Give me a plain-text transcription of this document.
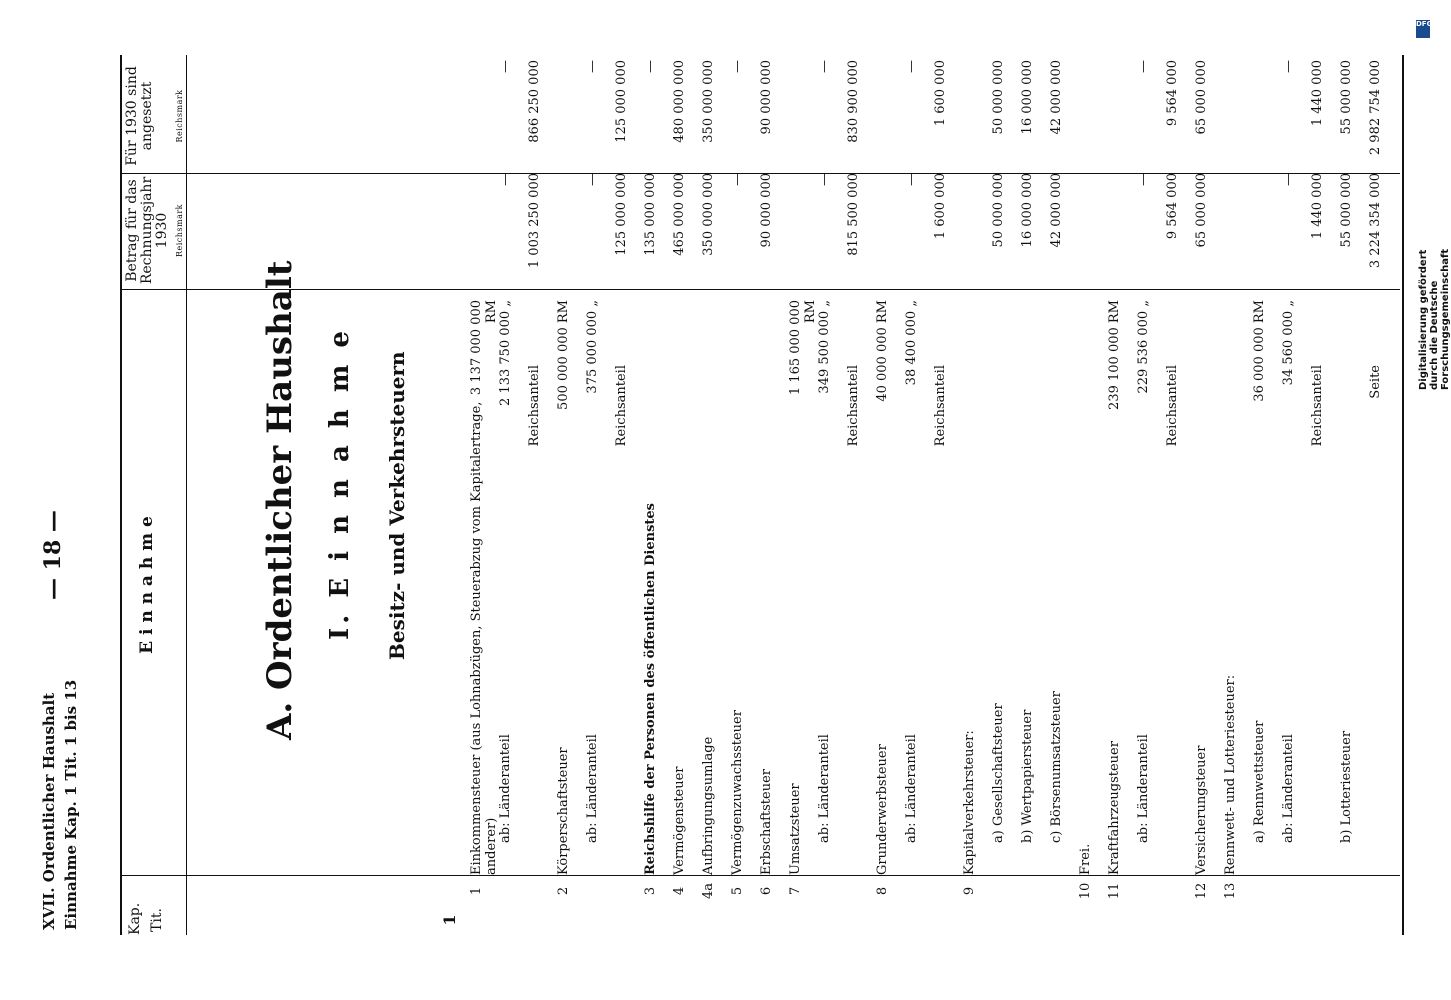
XVII. Ordentlicher Haushalt Einnahme Kap. 1 Tit. 1 bis 13
— 18 —
Kap. Tit.
E i n n a h m e
Betrag für das Rechnungsjahr 1930 Reichsmark
Für 1930 sind angesetzt	Reichsmark
A. Ordentlicher Haushalt I. E i n n a h m e Besitz- und Verkehrsteuern
1
1
Einkommensteuer (aus Lohnabzügen, Steuerabzug vom Kapitalertrage, anderer)
3 137 000 000 RM
ab: Länderanteil
2 133 750 000 „
—
—
Reichsanteil
1 003 250 000
866 250 000
2
Körperschaftsteuer
500 000 000 RM
ab: Länderanteil
375 000 000 „
—
—
Reichsanteil
125 000 000
125 000 000
3
Reichshilfe der Personen des öffentlichen Dienstes
135 000 000
—
4
Vermögensteuer
465 000 000
480 000 000
4a
Aufbringungsumlage
350 000 000
350 000 000
5
Vermögenzuwachssteuer
—
—
6
Erbschaftsteuer
90 000 000
90 000 000
7
Umsatzsteuer
1 165 000 000 RM
ab: Länderanteil
349 500 000 „
—
—
Reichsanteil
815 500 000
830 900 000
8
Grunderwerbsteuer
40 000 000 RM
ab: Länderanteil
38 400 000 „
—
—
Reichsanteil
1 600 000
1 600 000
9
Kapitalverkehrsteuer: a) Gesellschaftsteuer
50 000 000
50 000 000
b) Wertpapiersteuer
16 000 000
16 000 000
c) Börsenumsatzsteuer
42 000 000
42 000 000
10
Frei.
11
Kraftfahrzeugsteuer
239 100 000 RM
ab: Länderanteil
229 536 000 „
—
—
Reichsanteil
9 564 000
9 564 000
12
Versicherungsteuer
65 000 000
65 000 000
13
Rennwett- und Lotteriesteuer: a) Rennwettsteuer
36 000 000 RM
ab: Länderanteil
34 560 000 „
—
—
Reichsanteil
1 440 000
1 440 000
b) Lotteriesteuer
55 000 000
55 000 000
Seite
3 224 354 000
2 982 754 000
Digitalisierung gefördert durch die Deutsche Forschungsgemeinschaft
DFG
